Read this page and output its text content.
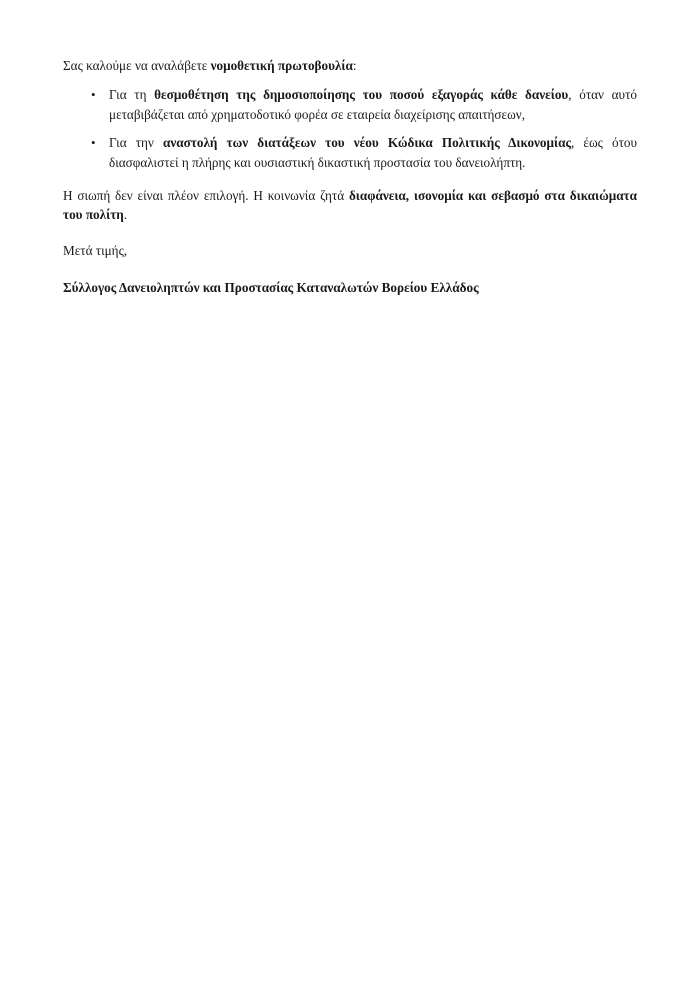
Σας καλούμε να αναλάβετε νομοθετική πρωτοβουλία:

• Για τη θεσμοθέτηση της δημοσιοποίησης του ποσού εξαγοράς κάθε δανείου, όταν αυτό μεταβιβάζεται από χρηματοδοτικό φορέα σε εταιρεία διαχείρισης απαιτήσεων,
• Για την αναστολή των διατάξεων του νέου Κώδικα Πολιτικής Δικονομίας, έως ότου διασφαλιστεί η πλήρης και ουσιαστική δικαστική προστασία του δανειολήπτη.

Η σιωπή δεν είναι πλέον επιλογή. Η κοινωνία ζητά διαφάνεια, ισονομία και σεβασμό στα δικαιώματα του πολίτη.

Μετά τιμής,

Σύλλογος Δανειοληπτών και Προστασίας Καταναλωτών Βορείου Ελλάδος
